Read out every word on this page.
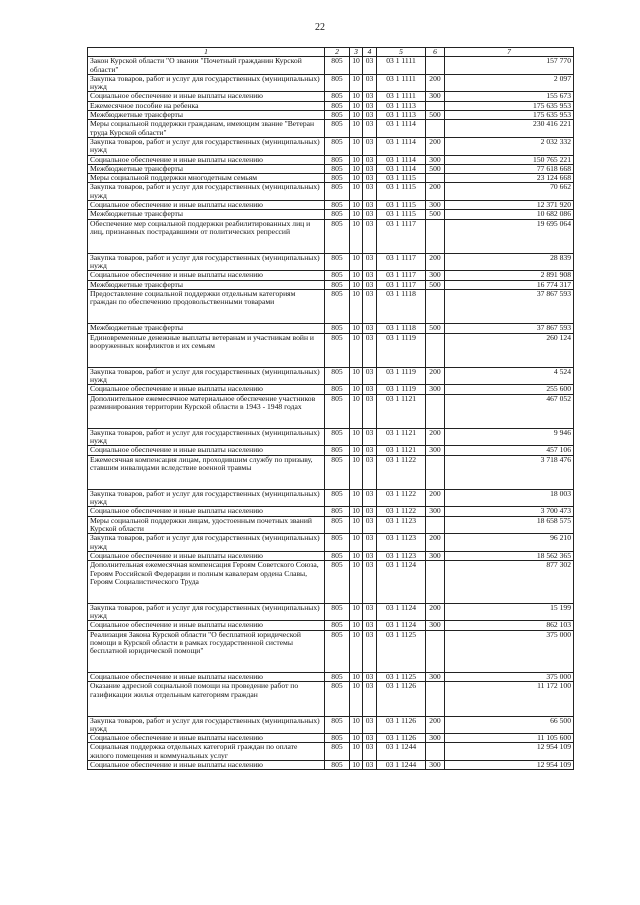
22
1	2	3	4	5	6	7
Закон Курской области "О звании "Почетный гражданин Курской области"	805	10	03	03 1 1111		157 770
Закупка товаров, работ и услуг для государственных (муниципальных) нужд	805	10	03	03 1 1111	200	2 097
Социальное обеспечение и иные выплаты населению	805	10	03	03 1 1111	300	155 673
Ежемесячное пособие на ребенка	805	10	03	03 1 1113		175 635 953
Межбюджетные трансферты	805	10	03	03 1 1113	500	175 635 953
Меры социальной поддержки гражданам, имеющим звание "Ветеран труда Курской области"	805	10	03	03 1 1114		230 416 221
Закупка товаров, работ и услуг для государственных (муниципальных) нужд	805	10	03	03 1 1114	200	2 032 332
Социальное обеспечение и иные выплаты населению	805	10	03	03 1 1114	300	150 765 221
Межбюджетные трансферты	805	10	03	03 1 1114	500	77 618 668
Меры социальной поддержки многодетным семьям	805	10	03	03 1 1115		23 124 668
Закупка товаров, работ и услуг для государственных (муниципальных) нужд	805	10	03	03 1 1115	200	70 662
Социальное обеспечение и иные выплаты населению	805	10	03	03 1 1115	300	12 371 920
Межбюджетные трансферты	805	10	03	03 1 1115	500	10 682 086
Обеспечение мер социальной поддержки реабилитированных лиц и лиц, признанных пострадавшими от политических репрессий	805	10	03	03 1 1117		19 695 064
Закупка товаров, работ и услуг для государственных (муниципальных) нужд	805	10	03	03 1 1117	200	28 839
Социальное обеспечение и иные выплаты населению	805	10	03	03 1 1117	300	2 891 908
Межбюджетные трансферты	805	10	03	03 1 1117	500	16 774 317
Предоставление социальной поддержки отдельным категориям граждан по обеспечению продовольственными товарами	805	10	03	03 1 1118		37 867 593
Межбюджетные трансферты	805	10	03	03 1 1118	500	37 867 593
Единовременные денежные выплаты ветеранам и участникам войн и вооруженных конфликтов и их семьям	805	10	03	03 1 1119		260 124
Закупка товаров, работ и услуг для государственных (муниципальных) нужд	805	10	03	03 1 1119	200	4 524
Социальное обеспечение и иные выплаты населению	805	10	03	03 1 1119	300	255 600
Дополнительное ежемесячное материальное обеспечение участников разминирования территории Курской области в 1943 - 1948 годах	805	10	03	03 1 1121		467 052
Закупка товаров, работ и услуг для государственных (муниципальных) нужд	805	10	03	03 1 1121	200	9 946
Социальное обеспечение и иные выплаты населению	805	10	03	03 1 1121	300	457 106
Ежемесячная компенсация лицам, проходившим службу по призыву, ставшим инвалидами вследствие военной травмы	805	10	03	03 1 1122		3 718 476
Закупка товаров, работ и услуг для государственных (муниципальных) нужд	805	10	03	03 1 1122	200	18 003
Социальное обеспечение и иные выплаты населению	805	10	03	03 1 1122	300	3 700 473
Меры социальной поддержки лицам, удостоенным почетных званий Курской области	805	10	03	03 1 1123		18 658 575
Закупка товаров, работ и услуг для государственных (муниципальных) нужд	805	10	03	03 1 1123	200	96 210
Социальное обеспечение и иные выплаты населению	805	10	03	03 1 1123	300	18 562 365
Дополнительная ежемесячная компенсация Героям Советского Союза, Героям Российской Федерации и полным кавалерам ордена Славы, Героям Социалистического Труда	805	10	03	03 1 1124		877 302
Закупка товаров, работ и услуг для государственных (муниципальных) нужд	805	10	03	03 1 1124	200	15 199
Социальное обеспечение и иные выплаты населению	805	10	03	03 1 1124	300	862 103
Реализация Закона Курской области "О бесплатной юридической помощи в Курской области в рамках государственной системы бесплатной юридической помощи"	805	10	03	03 1 1125		375 000
Социальное обеспечение и иные выплаты населению	805	10	03	03 1 1125	300	375 000
Оказание адресной социальной помощи на проведение работ по газификации жилья отдельным категориям граждан	805	10	03	03 1 1126		11 172 100
Закупка товаров, работ и услуг для государственных (муниципальных) нужд	805	10	03	03 1 1126	200	66 500
Социальное обеспечение и иные выплаты населению	805	10	03	03 1 1126	300	11 105 600
Социальная поддержка отдельных категорий граждан по оплате жилого помещения и коммунальных услуг	805	10	03	03 1 1244		12 954 109
Социальное обеспечение и иные выплаты населению	805	10	03	03 1 1244	300	12 954 109
